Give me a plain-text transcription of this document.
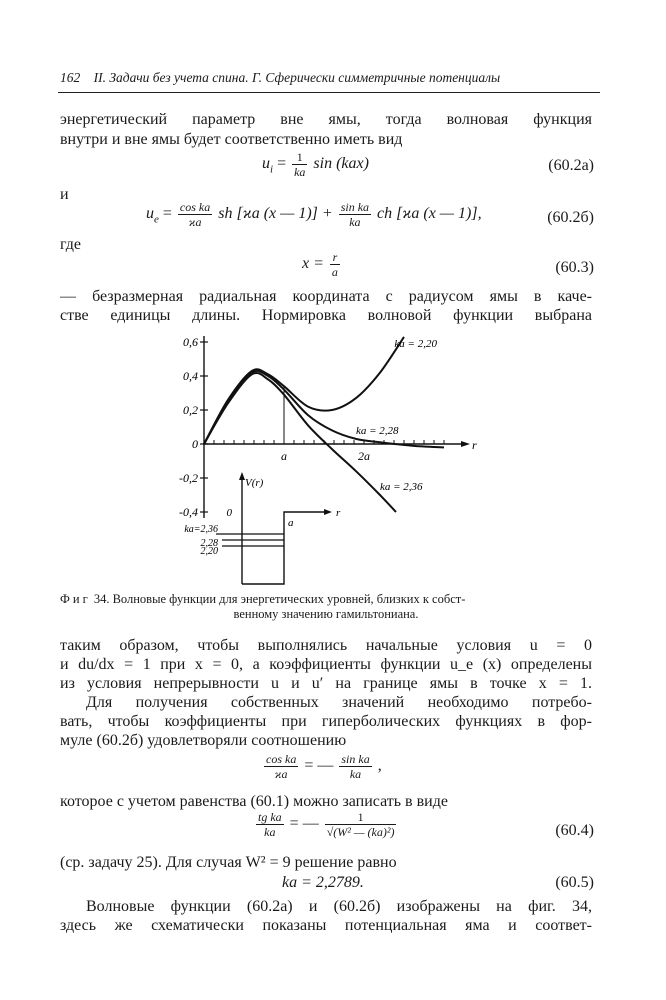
162 II. Задачи без учета спина. Г. Сферически симметричные потенциалы
энергетический параметр вне ямы, тогда волновая функция
внутри и вне ямы будет соответственно иметь вид
$u_i = \frac{1}{ka}$ sin (kax)	(60.2а)
и
$u_e = \frac{\text{cos ka}}{ϰa}$ sh [ϰa (x — $1)] + \frac{\text{sin ka}}{ka}$ ch [ϰa (x — 1)],	(60.2б)
где
$x = \frac{r}{a}$	(60.3)
— безразмерная радиальная координата с радиусом ямы в каче-
стве единицы длины. Нормировка волновой функции выбрана
0,6
0,4
0,2
0
-0,2
-0,4
a	2a
r
ka = 2,20
ka = 2,28
ka = 2,36
V(r)
0
a
r
ka=2,36
2,28
2,20
Фиг 34. Волновые функции для энергетических уровней, близких к собст-
венному значению гамильтониана.
таким образом, чтобы выполнялись начальные условия u = 0
и du/dx = 1 при x = 0, а коэффициенты функции u_e (x) определены
из условия непрерывности u и u′ на границе ямы в точке x = 1.
Для получения собственных значений необходимо потребо-
вать, чтобы коэффициенты при гиперболических функциях в фор-
муле (60.2б) удовлетворяли соотношению
$\frac{\text{cos ka}}{ϰa}$ = — $\frac{\text{sin ka}}{ka}$ ,
которое с учетом равенства (60.1) можно записать в виде
$\frac{\text{tg ka}}{ka}$ = — $\frac{1}{\text{√(W² — (ka)²)}}$	(60.4)
(ср. задачу 25). Для случая W² = 9 решение равно
ka = 2,2789.	(60.5)
Волновые функции (60.2а) и (60.2б) изображены на фиг. 34,
здесь же схематически показаны потенциальная яма и соответ-
